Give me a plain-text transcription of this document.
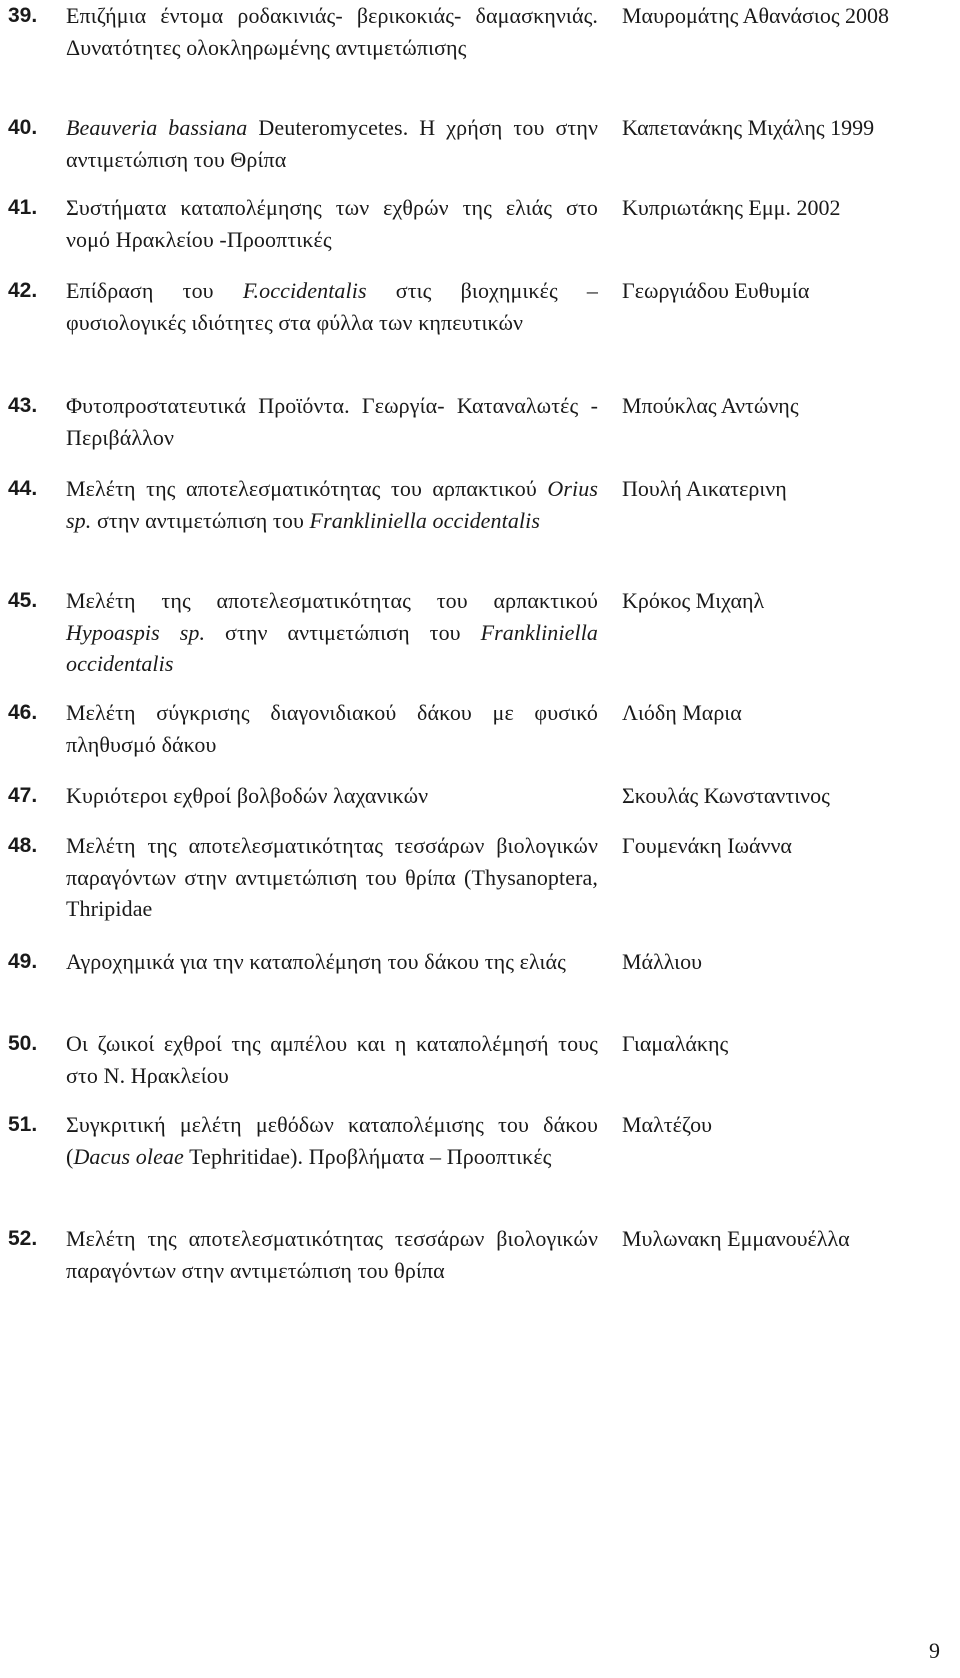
39. Επιζήμια έντομα ροδακινιάς- βερικοκιάς- δαμασκηνιάς. Δυνατότητες ολοκληρωμένης αντιμετώπισης
Μαυρομάτης Αθανάσιος 2008
40. Beauveria bassiana Deuteromycetes. Η χρήση του στην αντιμετώπιση του Θρίπα
Καπετανάκης Μιχάλης 1999
41. Συστήματα καταπολέμησης των εχθρών της ελιάς στο νομό Ηρακλείου -Προοπτικές
Κυπριωτάκης Εμμ. 2002
42. Επίδραση του F.occidentalis στις βιοχημικές – φυσιολογικές ιδιότητες στα φύλλα των κηπευτικών
Γεωργιάδου Ευθυμία
43. Φυτοπροστατευτικά Προϊόντα. Γεωργία- Καταναλωτές - Περιβάλλον
Μπούκλας Αντώνης
44. Μελέτη της αποτελεσματικότητας του αρπακτικού Orius sp. στην αντιμετώπιση του Frankliniella occidentalis
Πουλή Αικατερινη
45. Μελέτη της αποτελεσματικότητας του αρπακτικού Hypoaspis sp. στην αντιμετώπιση του Frankliniella occidentalis
Κρόκος Μιχαηλ
46. Μελέτη σύγκρισης διαγονιδιακού δάκου με φυσικό πληθυσμό δάκου
Λιόδη Μαρια
47. Κυριότεροι εχθροί βολβοδών λαχανικών	Σκουλάς Κωνσταντινος
48. Μελέτη της αποτελεσματικότητας τεσσάρων βιολογικών παραγόντων στην αντιμετώπιση του θρίπα (Thysanoptera, Thripidae
Γουμενάκη Ιωάννα
49. Αγροχημικά για την καταπολέμηση του δάκου της ελιάς	Μάλλιου
50. Οι ζωικοί εχθροί της αμπέλου και η καταπολέμησή τους στο Ν. Ηρακλείου
Γιαμαλάκης
51. Συγκριτική μελέτη μεθόδων καταπολέμισης του δάκου (Dacus oleae Tephritidae). Προβλήματα – Προοπτικές
Μαλτέζου
52. Μελέτη της αποτελεσματικότητας τεσσάρων βιολογικών παραγόντων στην αντιμετώπιση του θρίπα
Μυλωνακη Εμμανουέλλα
9
